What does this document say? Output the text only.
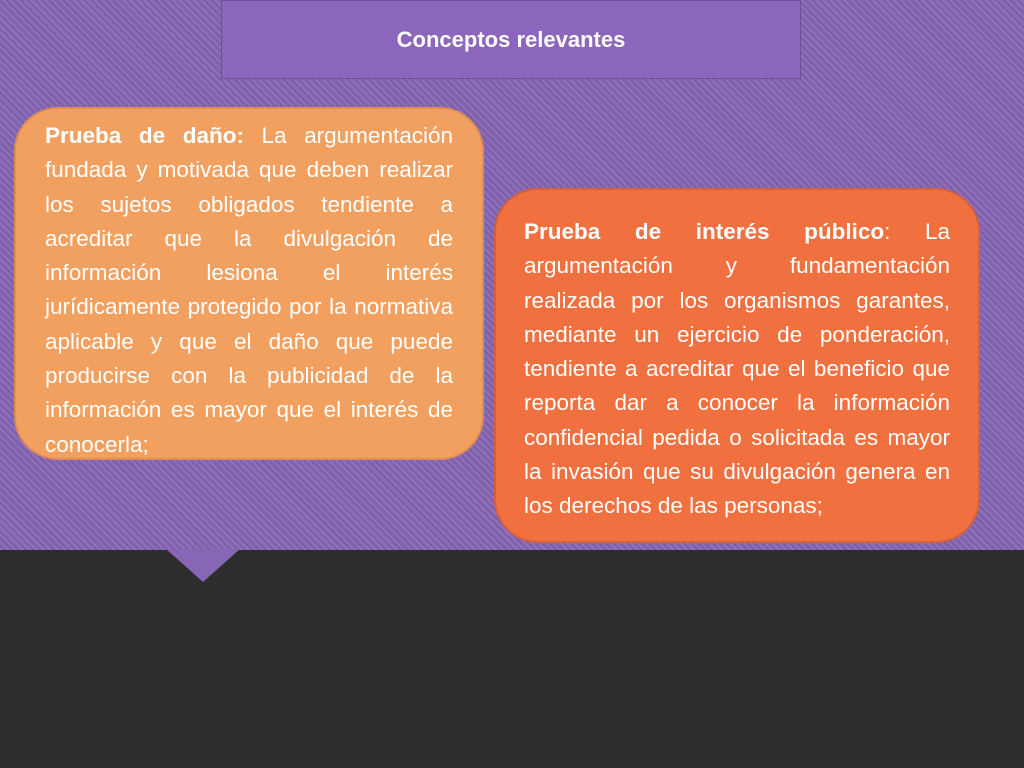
Conceptos relevantes
Prueba de daño: La argumentación fundada y motivada que deben realizar los sujetos obligados tendiente a acreditar que la divulgación de información lesiona el interés jurídicamente protegido por la normativa aplicable y que el daño que puede producirse con la publicidad de la información es mayor que el interés de conocerla;
Prueba de interés público: La argumentación y fundamentación realizada por los organismos garantes, mediante un ejercicio de ponderación, tendiente a acreditar que el beneficio que reporta dar a conocer la información confidencial pedida o solicitada es mayor la invasión que su divulgación genera en los derechos de las personas;
